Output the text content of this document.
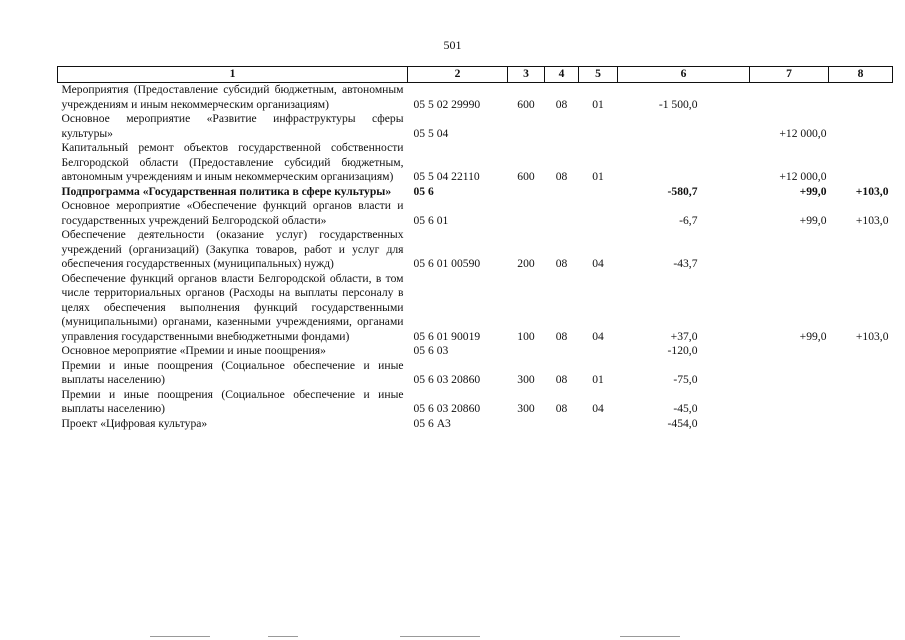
501
1	2	3	4	5	6	7	8
Мероприятия (Предоставление субсидий бюджетным, автономным учреждениям и иным некоммерческим организациям)	05 5 02 29990	600	08	01	-1 500,0		
Основное мероприятие «Развитие инфраструктуры сферы культуры»	05 5 04					+12 000,0	
Капитальный ремонт объектов государственной собственности Белгородской области (Предоставление субсидий бюджетным, автономным учреждениям и иным некоммерческим организациям)	05 5 04 22110	600	08	01		+12 000,0	
Подпрограмма «Государственная политика в сфере культуры»	05 6				-580,7	+99,0	+103,0
Основное мероприятие «Обеспечение функций органов власти и государственных учреждений Белгородской области»	05 6 01				-6,7	+99,0	+103,0
Обеспечение деятельности (оказание услуг) государственных учреждений (организаций) (Закупка товаров, работ и услуг для обеспечения государственных (муниципальных) нужд)	05 6 01 00590	200	08	04	-43,7		
Обеспечение функций органов власти Белгородской области, в том числе территориальных органов (Расходы на выплаты персоналу в целях обеспечения выполнения функций государственными (муниципальными) органами, казенными учреждениями, органами управления государственными внебюджетными фондами)	05 6 01 90019	100	08	04	+37,0	+99,0	+103,0
Основное мероприятие «Премии и иные поощрения»	05 6 03				-120,0		
Премии и иные поощрения (Социальное обеспечение и иные выплаты населению)	05 6 03 20860	300	08	01	-75,0		
Премии и иные поощрения (Социальное обеспечение и иные выплаты населению)	05 6 03 20860	300	08	04	-45,0		
Проект «Цифровая культура»	05 6 А3				-454,0		
